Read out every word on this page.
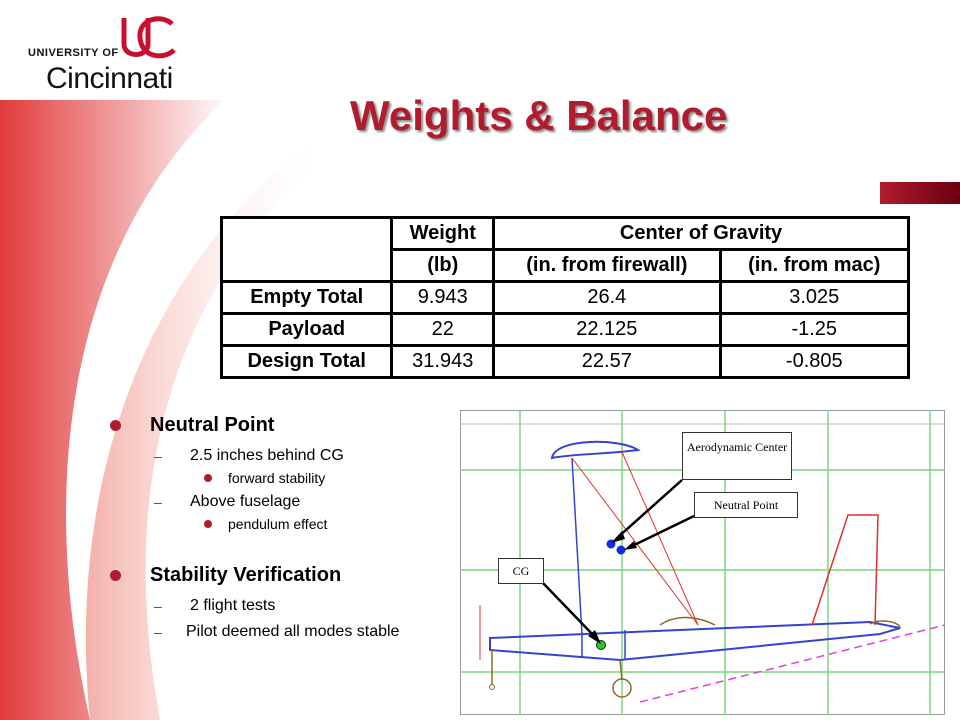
UNIVERSITY OF
Cincinnati
Weights & Balance
	Weight	Center of Gravity	
	(lb)	(in. from firewall)	(in. from mac)
Empty Total	9.943	26.4	3.025
Payload	22	22.125	-1.25
Design Total	31.943	22.57	-0.805
Neutral Point
– 2.5 inches behind CG
forward stability
– Above fuselage
pendulum effect
Stability Verification
– 2 flight tests
– Pilot deemed all modes stable
Aerodynamic Center
Neutral Point
CG
